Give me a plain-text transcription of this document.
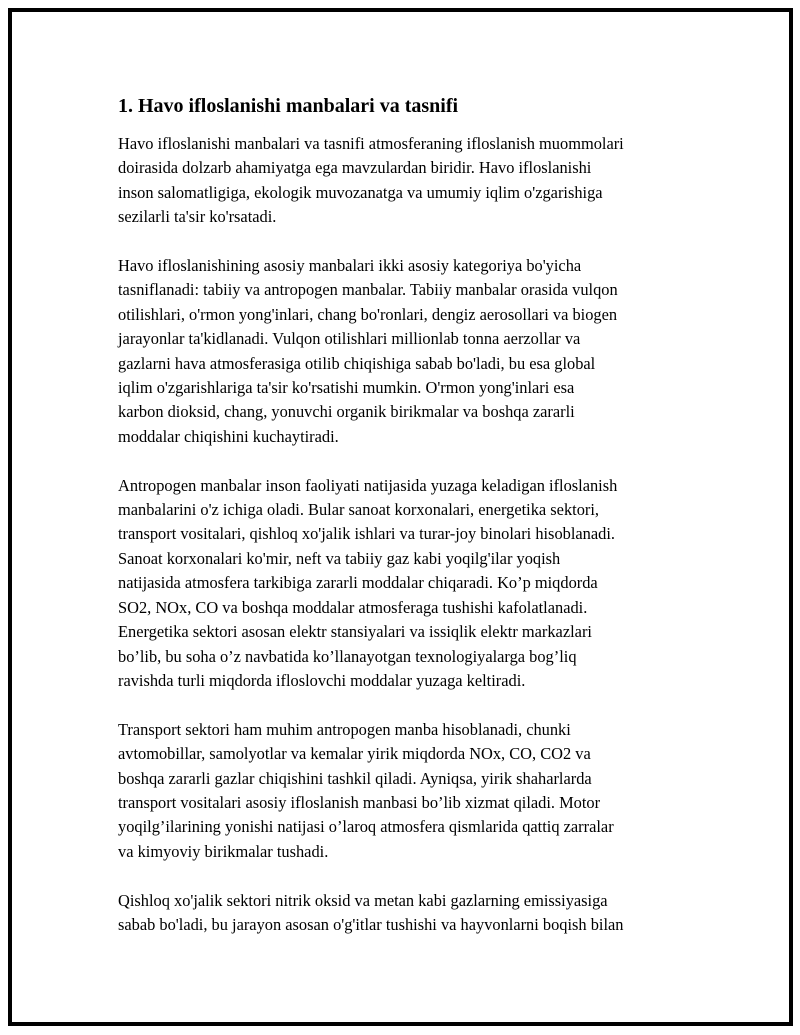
1. Havo ifloslanishi manbalari va tasnifi

Havo ifloslanishi manbalari va tasnifi atmosferaning ifloslanish muommolari
doirasida dolzarb ahamiyatga ega mavzulardan biridir. Havo ifloslanishi
inson salomatligiga, ekologik muvozanatga va umumiy iqlim o'zgarishiga
sezilarli ta'sir ko'rsatadi.

Havo ifloslanishining asosiy manbalari ikki asosiy kategoriya bo'yicha
tasniflanadi: tabiiy va antropogen manbalar. Tabiiy manbalar orasida vulqon
otilishlari, o'rmon yong'inlari, chang bo'ronlari, dengiz aerosollari va biogen
jarayonlar ta'kidlanadi. Vulqon otilishlari millionlab tonna aerzollar va
gazlarni hava atmosferasiga otilib chiqishiga sabab bo'ladi, bu esa global
iqlim o'zgarishlariga ta'sir ko'rsatishi mumkin. O'rmon yong'inlari esa
karbon dioksid, chang, yonuvchi organik birikmalar va boshqa zararli
moddalar chiqishini kuchaytiradi.

Antropogen manbalar inson faoliyati natijasida yuzaga keladigan ifloslanish
manbalarini o'z ichiga oladi. Bular sanoat korxonalari, energetika sektori,
transport vositalari, qishloq xo'jalik ishlari va turar-joy binolari hisoblanadi.
Sanoat korxonalari ko'mir, neft va tabiiy gaz kabi yoqilg'ilar yoqish
natijasida atmosfera tarkibiga zararli moddalar chiqaradi. Ko’p miqdorda
SO2, NOx, CO va boshqa moddalar atmosferaga tushishi kafolatlanadi.
Energetika sektori asosan elektr stansiyalari va issiqlik elektr markazlari
bo’lib, bu soha o’z navbatida ko’llanayotgan texnologiyalarga bog’liq
ravishda turli miqdorda ifloslovchi moddalar yuzaga keltiradi.

Transport sektori ham muhim antropogen manba hisoblanadi, chunki
avtomobillar, samolyotlar va kemalar yirik miqdorda NOx, CO, CO2 va
boshqa zararli gazlar chiqishini tashkil qiladi. Ayniqsa, yirik shaharlarda
transport vositalari asosiy ifloslanish manbasi bo’lib xizmat qiladi. Motor
yoqilg’ilarining yonishi natijasi o’laroq atmosfera qismlarida qattiq zarralar
va kimyoviy birikmalar tushadi.

Qishloq xo'jalik sektori nitrik oksid va metan kabi gazlarning emissiyasiga
sabab bo'ladi, bu jarayon asosan o'g'itlar tushishi va hayvonlarni boqish bilan
